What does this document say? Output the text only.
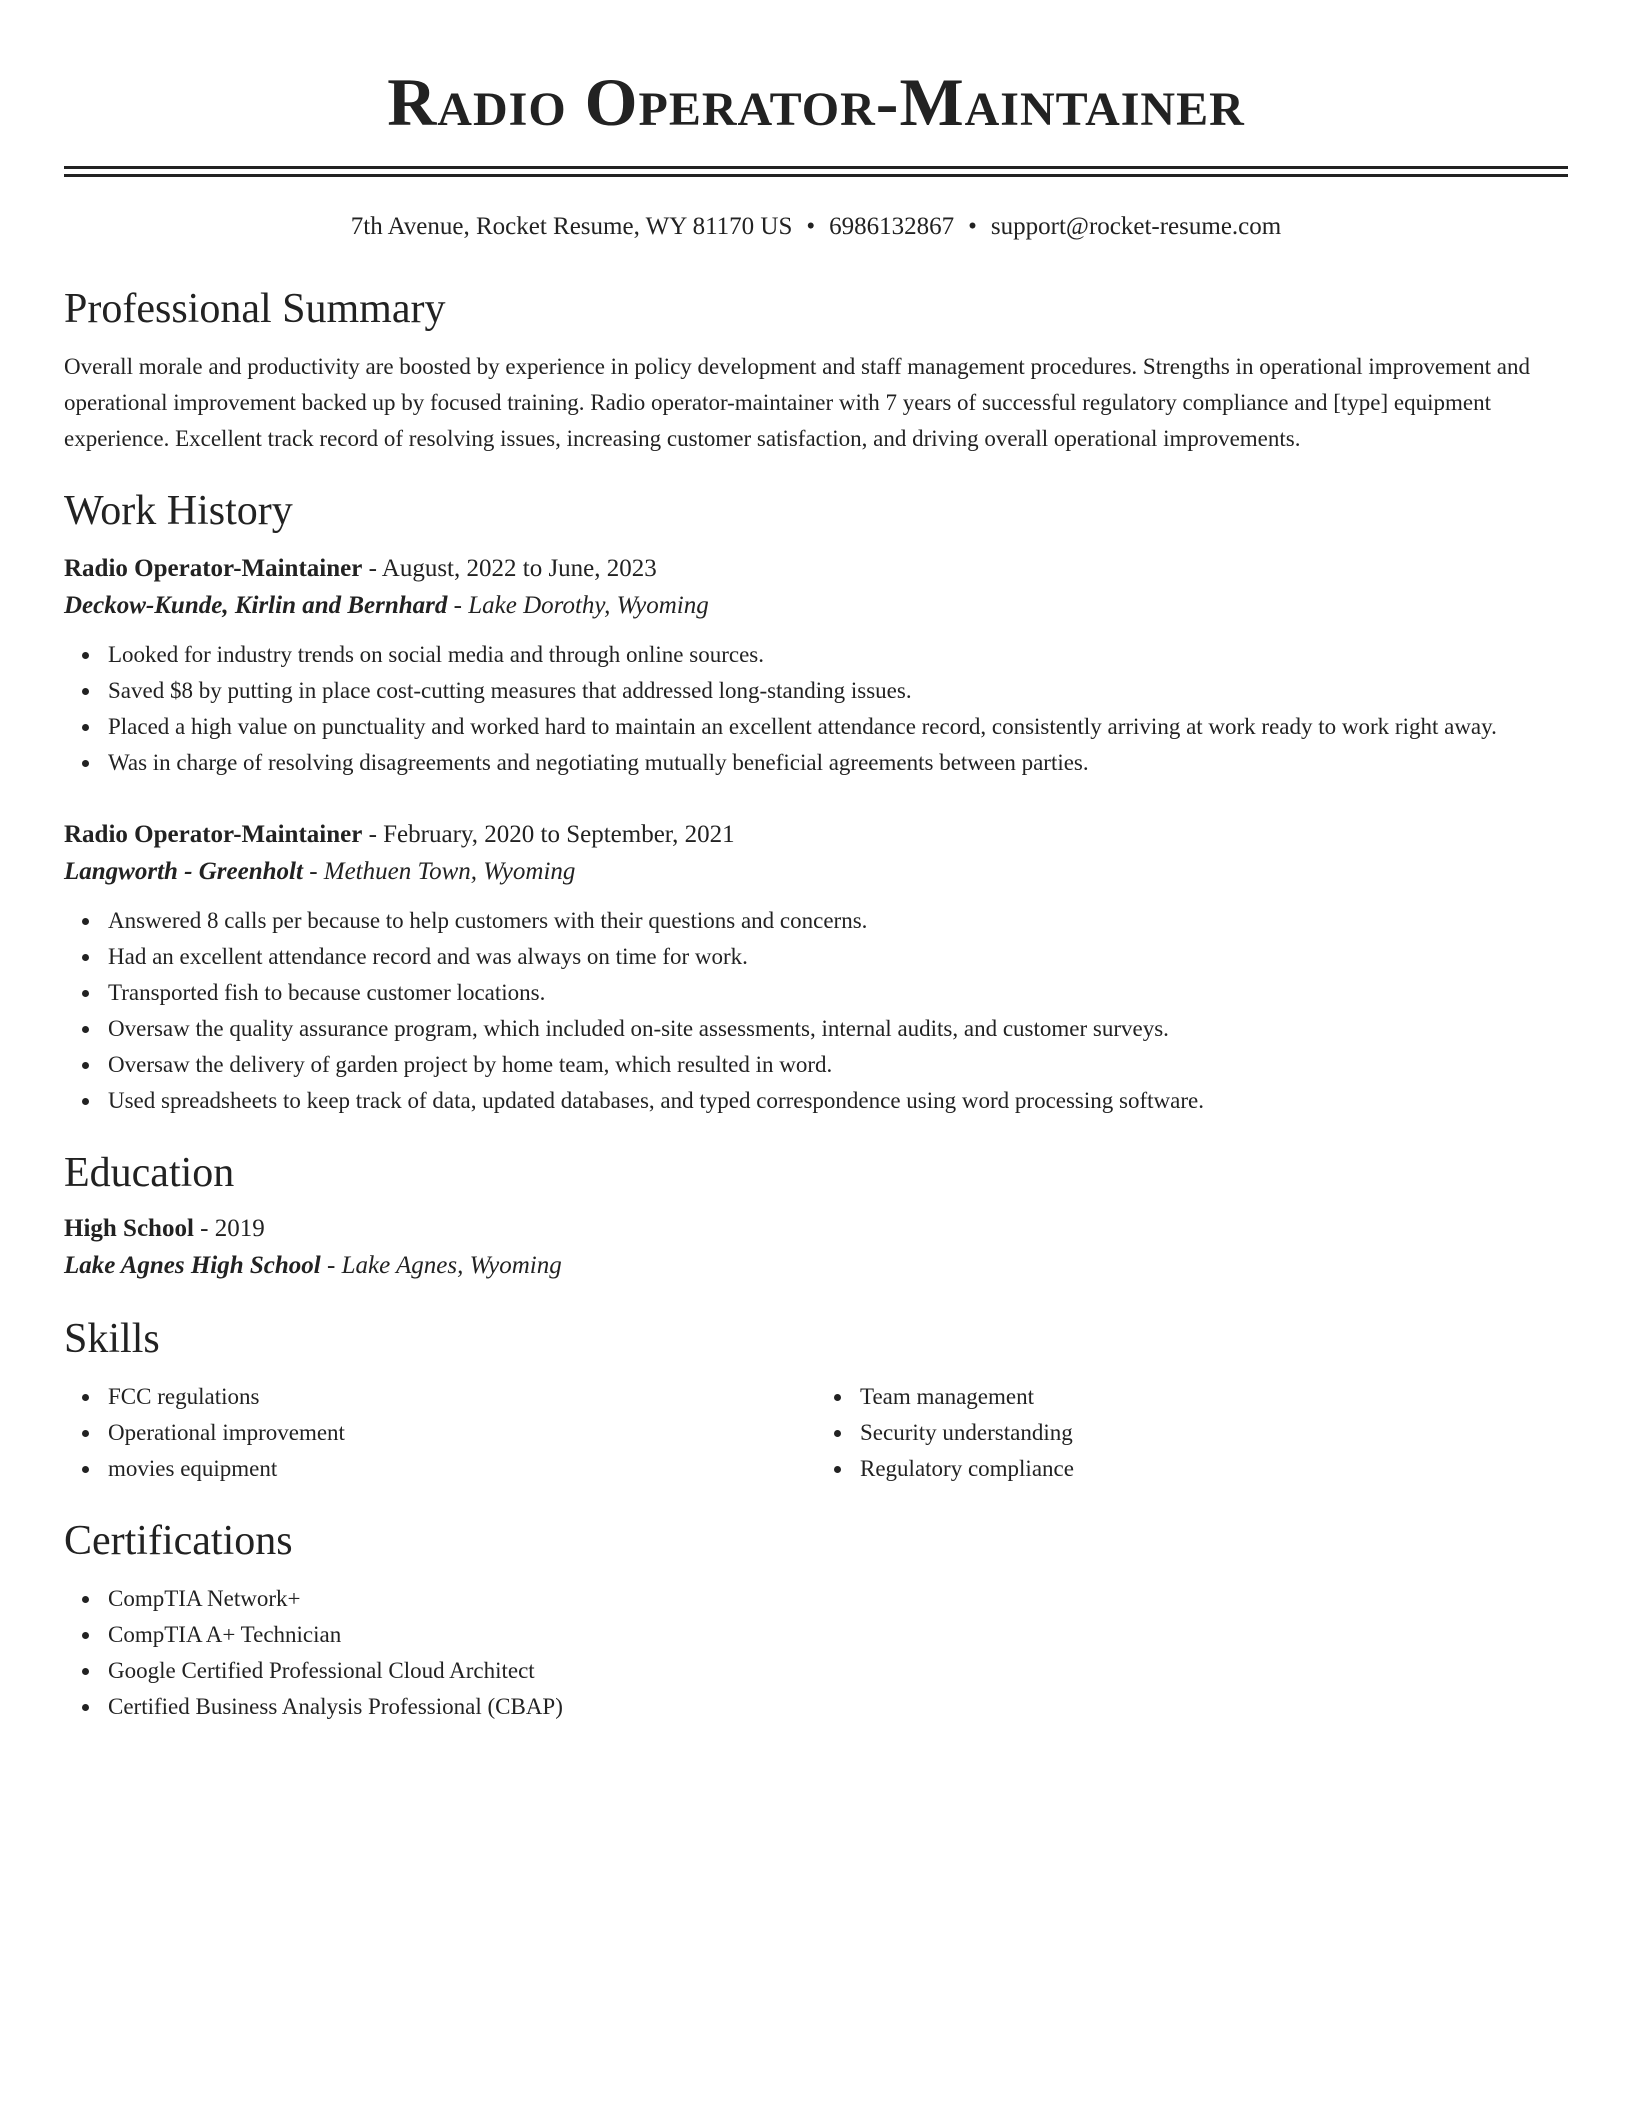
Radio Operator-Maintainer
7th Avenue, Rocket Resume, WY 81170 US • 6986132867 • support@rocket-resume.com
Professional Summary
Overall morale and productivity are boosted by experience in policy development and staff management procedures. Strengths in operational improvement and operational improvement backed up by focused training. Radio operator-maintainer with 7 years of successful regulatory compliance and [type] equipment experience. Excellent track record of resolving issues, increasing customer satisfaction, and driving overall operational improvements.
Work History
Radio Operator-Maintainer - August, 2022 to June, 2023
Deckow-Kunde, Kirlin and Bernhard - Lake Dorothy, Wyoming
Looked for industry trends on social media and through online sources.
Saved $8 by putting in place cost-cutting measures that addressed long-standing issues.
Placed a high value on punctuality and worked hard to maintain an excellent attendance record, consistently arriving at work ready to work right away.
Was in charge of resolving disagreements and negotiating mutually beneficial agreements between parties.
Radio Operator-Maintainer - February, 2020 to September, 2021
Langworth - Greenholt - Methuen Town, Wyoming
Answered 8 calls per because to help customers with their questions and concerns.
Had an excellent attendance record and was always on time for work.
Transported fish to because customer locations.
Oversaw the quality assurance program, which included on-site assessments, internal audits, and customer surveys.
Oversaw the delivery of garden project by home team, which resulted in word.
Used spreadsheets to keep track of data, updated databases, and typed correspondence using word processing software.
Education
High School - 2019
Lake Agnes High School - Lake Agnes, Wyoming
Skills
FCC regulations
Operational improvement
movies equipment
Team management
Security understanding
Regulatory compliance
Certifications
CompTIA Network+
CompTIA A+ Technician
Google Certified Professional Cloud Architect
Certified Business Analysis Professional (CBAP)
